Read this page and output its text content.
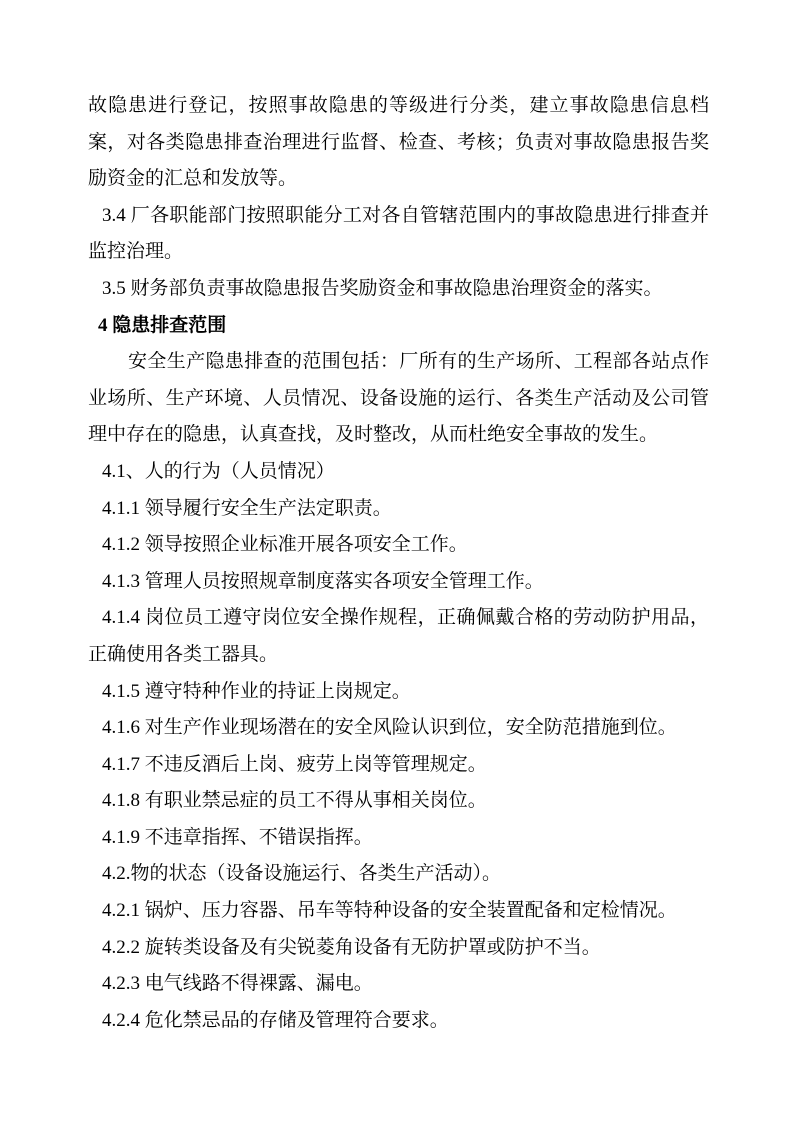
故隐患进行登记，按照事故隐患的等级进行分类，建立事故隐患信息档案，对各类隐患排查治理进行监督、检查、考核；负责对事故隐患报告奖励资金的汇总和发放等。

3.4 厂各职能部门按照职能分工对各自管辖范围内的事故隐患进行排查并监控治理。

3.5 财务部负责事故隐患报告奖励资金和事故隐患治理资金的落实。

4 隐患排查范围

安全生产隐患排查的范围包括：厂所有的生产场所、工程部各站点作业场所、生产环境、人员情况、设备设施的运行、各类生产活动及公司管理中存在的隐患，认真查找，及时整改，从而杜绝安全事故的发生。

4.1、人的行为（人员情况）

4.1.1 领导履行安全生产法定职责。

4.1.2 领导按照企业标准开展各项安全工作。

4.1.3 管理人员按照规章制度落实各项安全管理工作。

4.1.4 岗位员工遵守岗位安全操作规程，正确佩戴合格的劳动防护用品，正确使用各类工器具。

4.1.5 遵守特种作业的持证上岗规定。

4.1.6 对生产作业现场潜在的安全风险认识到位，安全防范措施到位。

4.1.7 不违反酒后上岗、疲劳上岗等管理规定。

4.1.8 有职业禁忌症的员工不得从事相关岗位。

4.1.9 不违章指挥、不错误指挥。

4.2.物的状态（设备设施运行、各类生产活动）。

4.2.1 锅炉、压力容器、吊车等特种设备的安全装置配备和定检情况。

4.2.2 旋转类设备及有尖锐菱角设备有无防护罩或防护不当。

4.2.3 电气线路不得裸露、漏电。

4.2.4 危化禁忌品的存储及管理符合要求。
